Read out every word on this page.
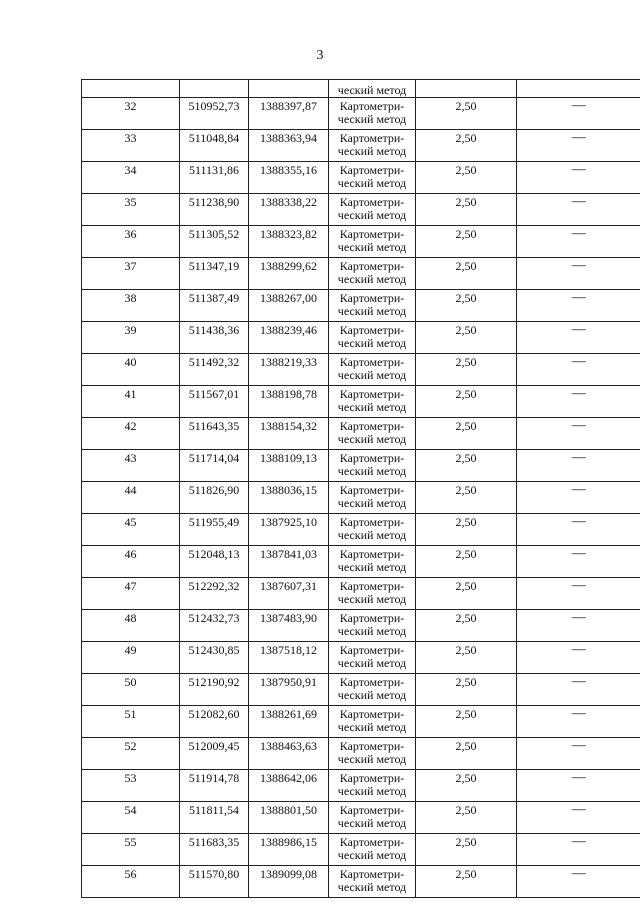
3
			ческий метод		
32	510952,73	1388397,87	Картометри-
ческий метод	2,50	—
33	511048,84	1388363,94	Картометри-
ческий метод	2,50	—
34	511131,86	1388355,16	Картометри-
ческий метод	2,50	—
35	511238,90	1388338,22	Картометри-
ческий метод	2,50	—
36	511305,52	1388323,82	Картометри-
ческий метод	2,50	—
37	511347,19	1388299,62	Картометри-
ческий метод	2,50	—
38	511387,49	1388267,00	Картометри-
ческий метод	2,50	—
39	511438,36	1388239,46	Картометри-
ческий метод	2,50	—
40	511492,32	1388219,33	Картометри-
ческий метод	2,50	—
41	511567,01	1388198,78	Картометри-
ческий метод	2,50	—
42	511643,35	1388154,32	Картометри-
ческий метод	2,50	—
43	511714,04	1388109,13	Картометри-
ческий метод	2,50	—
44	511826,90	1388036,15	Картометри-
ческий метод	2,50	—
45	511955,49	1387925,10	Картометри-
ческий метод	2,50	—
46	512048,13	1387841,03	Картометри-
ческий метод	2,50	—
47	512292,32	1387607,31	Картометри-
ческий метод	2,50	—
48	512432,73	1387483,90	Картометри-
ческий метод	2,50	—
49	512430,85	1387518,12	Картометри-
ческий метод	2,50	—
50	512190,92	1387950,91	Картометри-
ческий метод	2,50	—
51	512082,60	1388261,69	Картометри-
ческий метод	2,50	—
52	512009,45	1388463,63	Картометри-
ческий метод	2,50	—
53	511914,78	1388642,06	Картометри-
ческий метод	2,50	—
54	511811,54	1388801,50	Картометри-
ческий метод	2,50	—
55	511683,35	1388986,15	Картометри-
ческий метод	2,50	—
56	511570,80	1389099,08	Картометри-
ческий метод	2,50	—
